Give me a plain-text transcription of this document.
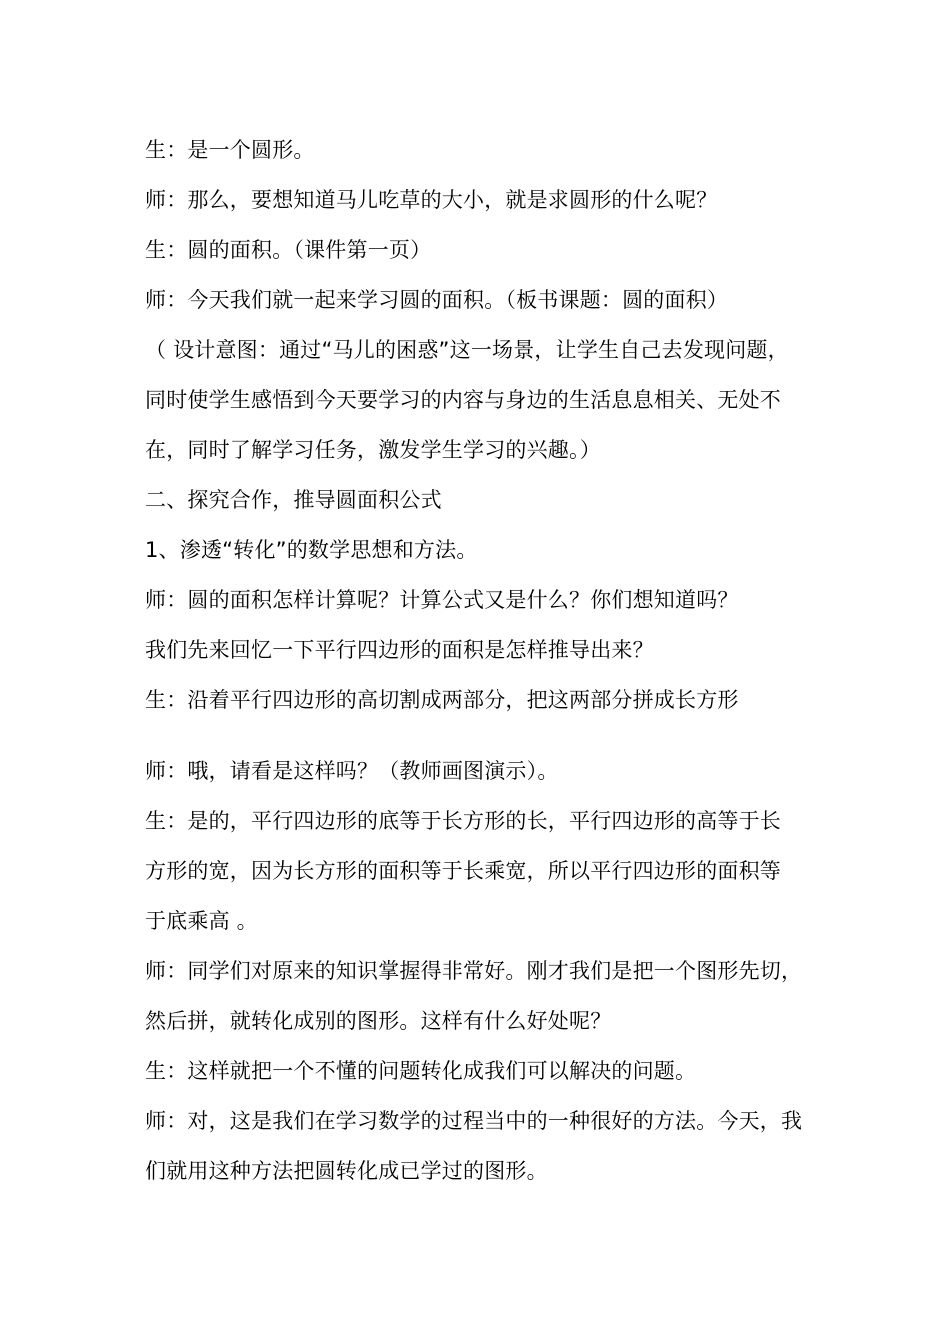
生：是一个圆形。
师：那么，要想知道马儿吃草的大小，就是求圆形的什么呢？
生：圆的面积。（课件第一页）
师：今天我们就一起来学习圆的面积。（板书课题：圆的面积）
（ 设计意图：通过“马儿的困惑”这一场景，让学生自己去发现问题，
同时使学生感悟到今天要学习的内容与身边的生活息息相关、无处不
在，同时了解学习任务，激发学生学习的兴趣。）
二、探究合作，推导圆面积公式
1、渗透“转化”的数学思想和方法。
师：圆的面积怎样计算呢？计算公式又是什么？你们想知道吗？
我们先来回忆一下平行四边形的面积是怎样推导出来？
生：沿着平行四边形的高切割成两部分，把这两部分拼成长方形
师：哦，请看是这样吗？（教师画图演示）。
生：是的，平行四边形的底等于长方形的长，平行四边形的高等于长
方形的宽，因为长方形的面积等于长乘宽，所以平行四边形的面积等
于底乘高 。
师：同学们对原来的知识掌握得非常好。刚才我们是把一个图形先切，
然后拼，就转化成别的图形。这样有什么好处呢？
生：这样就把一个不懂的问题转化成我们可以解决的问题。
师：对，这是我们在学习数学的过程当中的一种很好的方法。今天，我
们就用这种方法把圆转化成已学过的图形。
